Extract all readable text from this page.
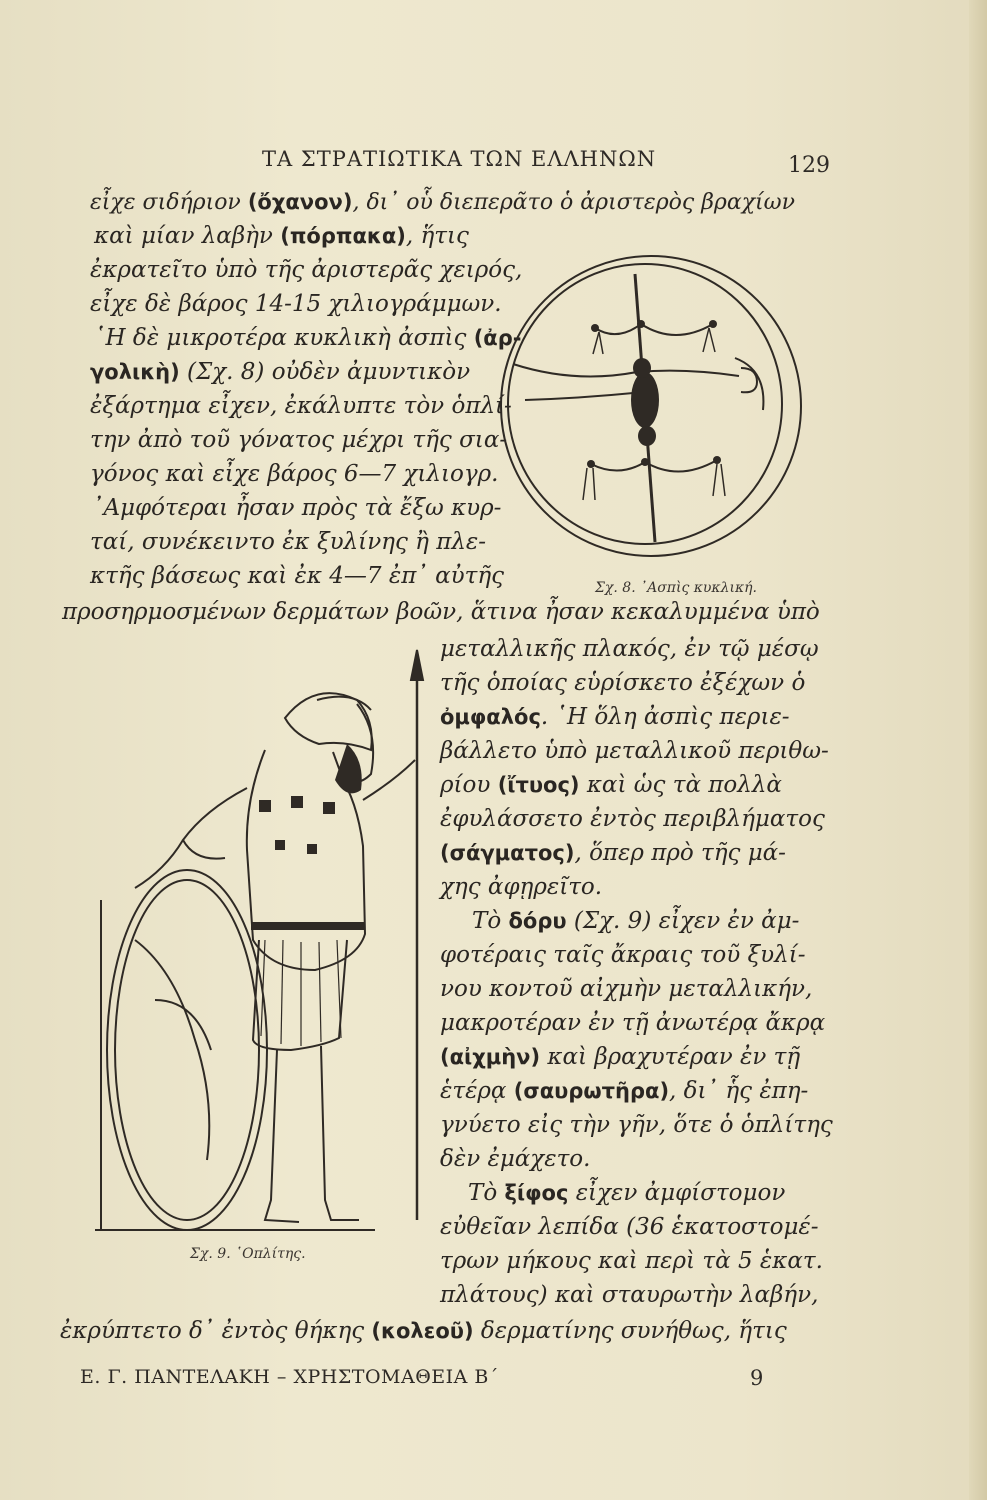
ΤΑ ΣΤΡΑΤΙΩΤΙΚΑ ΤΩΝ ΕΛΛΗΝΩΝ	129
εἶχε σιδήριον (ὄχανον), δι᾽ οὗ διεπερᾶτο ὁ ἀριστερὸς βραχίων
καὶ μίαν λαβὴν (πόρπακα), ἥτις
ἐκρατεῖτο ὑπὸ τῆς ἀριστερᾶς χειρός,
εἶχε δὲ βάρος 14-15 χιλιογράμμων.
῾Η δὲ μικροτέρα κυκλικὴ ἀσπὶς (ἀρ-
γολικὴ) (Σχ. 8) οὐδὲν ἀμυντικὸν
ἐξάρτημα εἶχεν, ἐκάλυπτε τὸν ὁπλί-
την ἀπὸ τοῦ γόνατος μέχρι τῆς σια-
γόνος καὶ εἶχε βάρος 6—7 χιλιογρ.
᾽Αμφότεραι ἦσαν πρὸς τὰ ἔξω κυρ-
ταί, συνέκειντο ἐκ ξυλίνης ἢ πλε-
κτῆς βάσεως καὶ ἐκ 4—7 ἐπ᾽ αὐτῆς
προσηρμοσμένων δερμάτων βοῶν, ἅτινα ἦσαν κεκαλυμμένα ὑπὸ
μεταλλικῆς πλακός, ἐν τῷ μέσῳ
τῆς ὁποίας εὑρίσκετο ἐξέχων ὁ
ὀμφαλός. ῾Η ὅλη ἀσπὶς περιε-
βάλλετο ὑπὸ μεταλλικοῦ περιθω-
ρίου (ἴτυος) καὶ ὡς τὰ πολλὰ
ἐφυλάσσετο ἐντὸς περιβλήματος
(σάγματος), ὅπερ πρὸ τῆς μά-
χης ἀφῃρεῖτο.
Τὸ δόρυ (Σχ. 9) εἶχεν ἐν ἀμ-
φοτέραις ταῖς ἄκραις τοῦ ξυλί-
νου κοντοῦ αἰχμὴν μεταλλικήν,
μακροτέραν ἐν τῇ ἀνωτέρᾳ ἄκρᾳ
(αἰχμὴν) καὶ βραχυτέραν ἐν τῇ
ἑτέρᾳ (σαυρωτῆρα), δι᾽ ἧς ἐπη-
γνύετο εἰς τὴν γῆν, ὅτε ὁ ὁπλίτης
δὲν ἐμάχετο.
Τὸ ξίφος εἶχεν ἀμφίστομον
εὐθεῖαν λεπίδα (36 ἑκατοστομέ-
τρων μήκους καὶ περὶ τὰ 5 ἑκατ.
πλάτους) καὶ σταυρωτὴν λαβήν,
ἐκρύπτετο δ᾽ ἐντὸς θήκης (κολεοῦ) δερματίνης συνήθως, ἥτις
Σχ. 8. ᾽Ασπὶς κυκλική.
Σχ. 9. ῾Οπλίτης.
Ε. Γ. ΠΑΝΤΕΛΑΚΗ – ΧΡΗΣΤΟΜΑΘΕΙΑ Β΄	9
